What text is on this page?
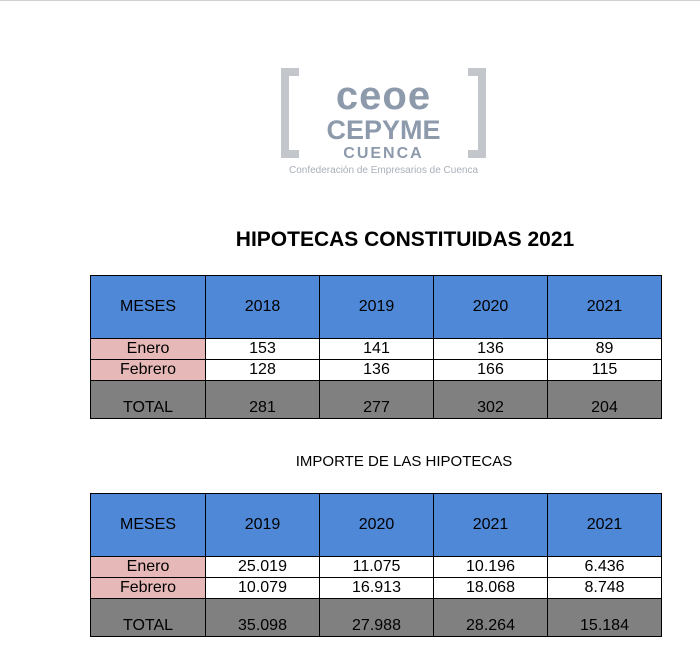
ceoe
CEPYME
CUENCA
Confederación de Empresarios de Cuenca
HIPOTECAS CONSTITUIDAS 2021
MESES	2018	2019	2020	2021
Enero	153	141	136	89
Febrero	128	136	166	115
TOTAL	281	277	302	204
IMPORTE DE LAS HIPOTECAS
MESES	2019	2020	2021	2021
Enero	25.019	11.075	10.196	6.436
Febrero	10.079	16.913	18.068	8.748
TOTAL	35.098	27.988	28.264	15.184
